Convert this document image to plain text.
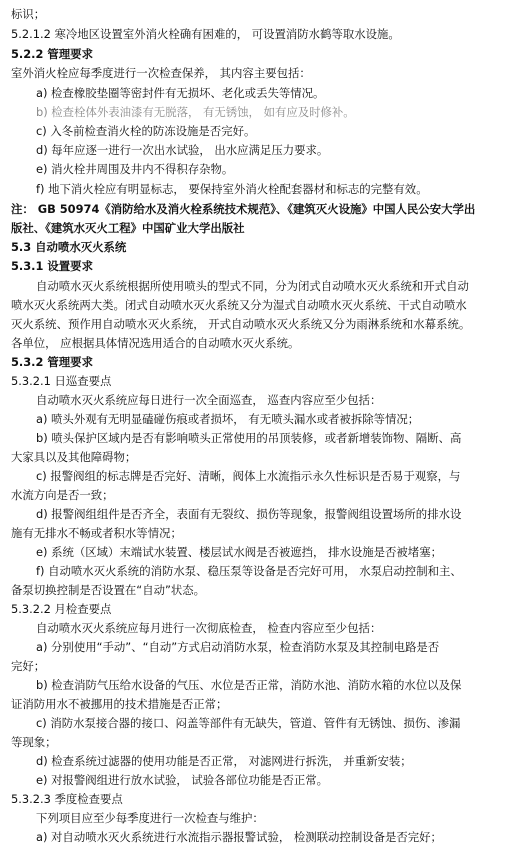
标识；
5.2.1.2 寒冷地区设置室外消火栓确有困难的， 可设置消防水鹤等取水设施。
5.2.2 管理要求
室外消火栓应每季度进行一次检查保养， 其内容主要包括：
a) 检查橡胶垫圈等密封件有无损坏、老化或丢失等情况。
b) 检查栓体外表油漆有无脱落， 有无锈蚀， 如有应及时修补。
c) 入冬前检查消火栓的防冻设施是否完好。
d) 每年应逐一进行一次出水试验， 出水应满足压力要求。
e) 消火栓井周围及井内不得积存杂物。
f) 地下消火栓应有明显标志， 要保持室外消火栓配套器材和标志的完整有效。
注： GB 50974《消防给水及消火栓系统技术规范》、《建筑灭火设施》中国人民公安大学出
版社、《建筑水灭火工程》中国矿业大学出版社
5.3 自动喷水灭火系统
5.3.1 设置要求
自动喷水灭火系统根据所使用喷头的型式不同，分为闭式自动喷水灭火系统和开式自动
喷水灭火系统两大类。闭式自动喷水灭火系统又分为湿式自动喷水灭火系统、干式自动喷水
灭火系统、预作用自动喷水灭火系统， 开式自动喷水灭火系统又分为雨淋系统和水幕系统。
各单位， 应根据具体情况选用适合的自动喷水灭火系统。
5.3.2 管理要求
5.3.2.1 日巡查要点
自动喷水灭火系统应每日进行一次全面巡查， 巡查内容应至少包括：
a) 喷头外观有无明显磕碰伤痕或者损坏， 有无喷头漏水或者被拆除等情况；
b) 喷头保护区域内是否有影响喷头正常使用的吊顶装修，或者新增装饰物、隔断、高
大家具以及其他障碍物；
c) 报警阀组的标志牌是否完好、清晰，阀体上水流指示永久性标识是否易于观察，与
水流方向是否一致；
d) 报警阀组组件是否齐全，表面有无裂纹、损伤等现象，报警阀组设置场所的排水设
施有无排水不畅或者积水等情况；
e) 系统（区域）末端试水装置、楼层试水阀是否被遮挡， 排水设施是否被堵塞；
f) 自动喷水灭火系统的消防水泵、稳压泵等设备是否完好可用， 水泵启动控制和主、
备泵切换控制是否设置在“自动”状态。
5.3.2.2 月检查要点
自动喷水灭火系统应每月进行一次彻底检查， 检查内容应至少包括：
a) 分别使用“手动”、“自动”方式启动消防水泵，检查消防水泵及其控制电路是否
完好；
b) 检查消防气压给水设备的气压、水位是否正常，消防水池、消防水箱的水位以及保
证消防用水不被挪用的技术措施是否正常；
c) 消防水泵接合器的接口、闷盖等部件有无缺失，管道、管件有无锈蚀、损伤、渗漏
等现象；
d) 检查系统过滤器的使用功能是否正常， 对滤网进行拆洗， 并重新安装；
e) 对报警阀组进行放水试验， 试验各部位功能是否正常。
5.3.2.3 季度检查要点
下列项目应至少每季度进行一次检查与维护：
a) 对自动喷水灭火系统进行水流指示器报警试验， 检测联动控制设备是否完好；
